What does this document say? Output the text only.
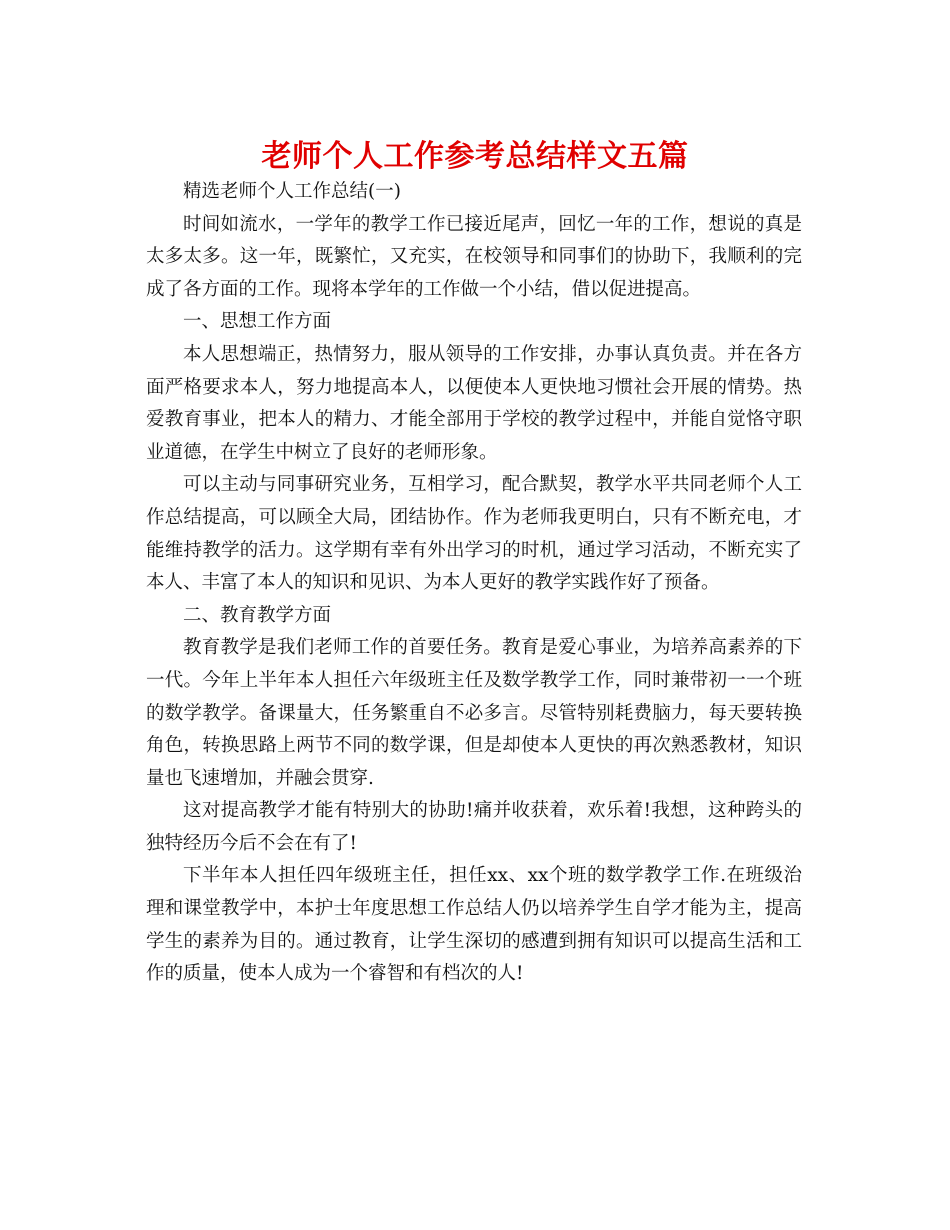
老师个人工作参考总结样文五篇

精选老师个人工作总结(一)

时间如流水，一学年的教学工作已接近尾声，回忆一年的工作，想说的真是太多太多。这一年，既繁忙，又充实，在校领导和同事们的协助下，我顺利的完成了各方面的工作。现将本学年的工作做一个小结，借以促进提高。

一、思想工作方面

本人思想端正，热情努力，服从领导的工作安排，办事认真负责。并在各方面严格要求本人，努力地提高本人，以便使本人更快地习惯社会开展的情势。热爱教育事业，把本人的精力、才能全部用于学校的教学过程中，并能自觉恪守职业道德，在学生中树立了良好的老师形象。

可以主动与同事研究业务，互相学习，配合默契，教学水平共同老师个人工作总结提高，可以顾全大局，团结协作。作为老师我更明白，只有不断充电，才能维持教学的活力。这学期有幸有外出学习的时机，通过学习活动，不断充实了本人、丰富了本人的知识和见识、为本人更好的教学实践作好了预备。

二、教育教学方面

教育教学是我们老师工作的首要任务。教育是爱心事业，为培养高素养的下一代。今年上半年本人担任六年级班主任及数学教学工作，同时兼带初一一个班的数学教学。备课量大，任务繁重自不必多言。尽管特别耗费脑力，每天要转换角色，转换思路上两节不同的数学课，但是却使本人更快的再次熟悉教材，知识量也飞速增加，并融会贯穿.

这对提高教学才能有特别大的协助!痛并收获着，欢乐着!我想，这种跨头的独特经历今后不会在有了!

下半年本人担任四年级班主任，担任xx、xx个班的数学教学工作.在班级治理和课堂教学中，本护士年度思想工作总结人仍以培养学生自学才能为主，提高学生的素养为目的。通过教育，让学生深切的感遭到拥有知识可以提高生活和工作的质量，使本人成为一个睿智和有档次的人!
